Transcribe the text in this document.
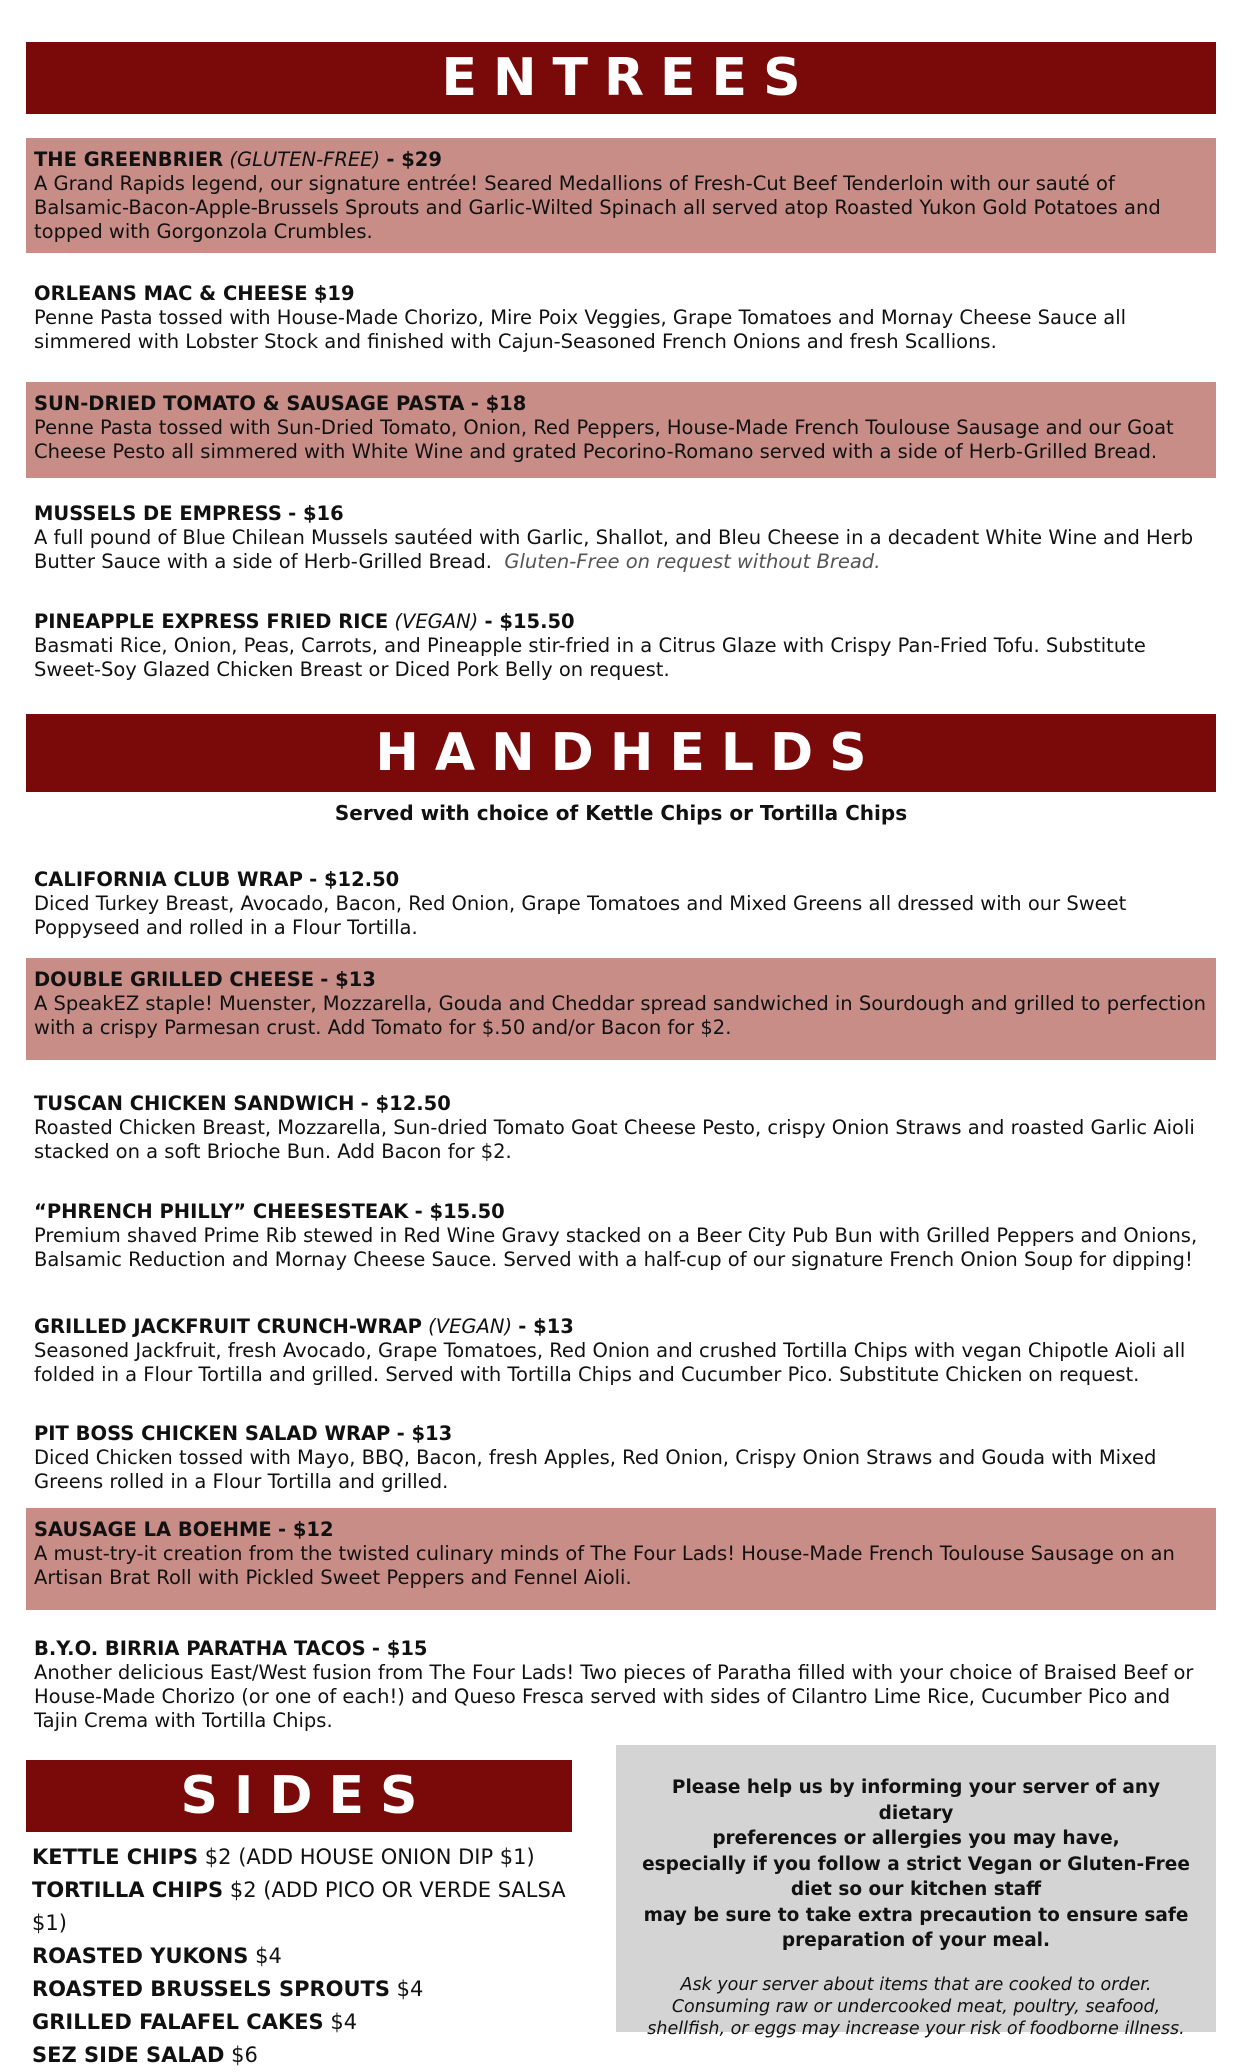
ENTREES
THE GREENBRIER (GLUTEN-FREE) - $29
A Grand Rapids legend, our signature entrée! Seared Medallions of Fresh-Cut Beef Tenderloin with our sauté of Balsamic-Bacon-Apple-Brussels Sprouts and Garlic-Wilted Spinach all served atop Roasted Yukon Gold Potatoes and topped with Gorgonzola Crumbles.
ORLEANS MAC & CHEESE $19
Penne Pasta tossed with House-Made Chorizo, Mire Poix Veggies, Grape Tomatoes and Mornay Cheese Sauce all simmered with Lobster Stock and finished with Cajun-Seasoned French Onions and fresh Scallions.
SUN-DRIED TOMATO & SAUSAGE PASTA - $18
Penne Pasta tossed with Sun-Dried Tomato, Onion, Red Peppers, House-Made French Toulouse Sausage and our Goat Cheese Pesto all simmered with White Wine and grated Pecorino-Romano served with a side of Herb-Grilled Bread.
MUSSELS DE EMPRESS - $16
A full pound of Blue Chilean Mussels sautéed with Garlic, Shallot, and Bleu Cheese in a decadent White Wine and Herb Butter Sauce with a side of Herb-Grilled Bread. Gluten-Free on request without Bread.
PINEAPPLE EXPRESS FRIED RICE (VEGAN) - $15.50
Basmati Rice, Onion, Peas, Carrots, and Pineapple stir-fried in a Citrus Glaze with Crispy Pan-Fried Tofu. Substitute Sweet-Soy Glazed Chicken Breast or Diced Pork Belly on request.
HANDHELDS
Served with choice of Kettle Chips or Tortilla Chips
CALIFORNIA CLUB WRAP - $12.50
Diced Turkey Breast, Avocado, Bacon, Red Onion, Grape Tomatoes and Mixed Greens all dressed with our Sweet Poppyseed and rolled in a Flour Tortilla.
DOUBLE GRILLED CHEESE - $13
A SpeakEZ staple! Muenster, Mozzarella, Gouda and Cheddar spread sandwiched in Sourdough and grilled to perfection with a crispy Parmesan crust. Add Tomato for $.50 and/or Bacon for $2.
TUSCAN CHICKEN SANDWICH - $12.50
Roasted Chicken Breast, Mozzarella, Sun-dried Tomato Goat Cheese Pesto, crispy Onion Straws and roasted Garlic Aioli stacked on a soft Brioche Bun. Add Bacon for $2.
“PHRENCH PHILLY” CHEESESTEAK - $15.50
Premium shaved Prime Rib stewed in Red Wine Gravy stacked on a Beer City Pub Bun with Grilled Peppers and Onions, Balsamic Reduction and Mornay Cheese Sauce. Served with a half-cup of our signature French Onion Soup for dipping!
GRILLED JACKFRUIT CRUNCH-WRAP (VEGAN) - $13
Seasoned Jackfruit, fresh Avocado, Grape Tomatoes, Red Onion and crushed Tortilla Chips with vegan Chipotle Aioli all folded in a Flour Tortilla and grilled. Served with Tortilla Chips and Cucumber Pico. Substitute Chicken on request.
PIT BOSS CHICKEN SALAD WRAP - $13
Diced Chicken tossed with Mayo, BBQ, Bacon, fresh Apples, Red Onion, Crispy Onion Straws and Gouda with Mixed Greens rolled in a Flour Tortilla and grilled.
SAUSAGE LA BOEHME - $12
A must-try-it creation from the twisted culinary minds of The Four Lads! House-Made French Toulouse Sausage on an Artisan Brat Roll with Pickled Sweet Peppers and Fennel Aioli.
B.Y.O. BIRRIA PARATHA TACOS - $15
Another delicious East/West fusion from The Four Lads! Two pieces of Paratha filled with your choice of Braised Beef or House-Made Chorizo (or one of each!) and Queso Fresca served with sides of Cilantro Lime Rice, Cucumber Pico and Tajin Crema with Tortilla Chips.
SIDES
KETTLE CHIPS $2 (ADD HOUSE ONION DIP $1)
TORTILLA CHIPS $2 (ADD PICO OR VERDE SALSA $1)
ROASTED YUKONS $4
ROASTED BRUSSELS SPROUTS $4
GRILLED FALAFEL CAKES $4
SEZ SIDE SALAD $6
Please help us by informing your server of any dietary
preferences or allergies you may have,
especially if you follow a strict Vegan or Gluten-Free
diet so our kitchen staff
may be sure to take extra precaution to ensure safe
preparation of your meal.
Ask your server about items that are cooked to order.
Consuming raw or undercooked meat, poultry, seafood,
shellfish, or eggs may increase your risk of foodborne illness.
